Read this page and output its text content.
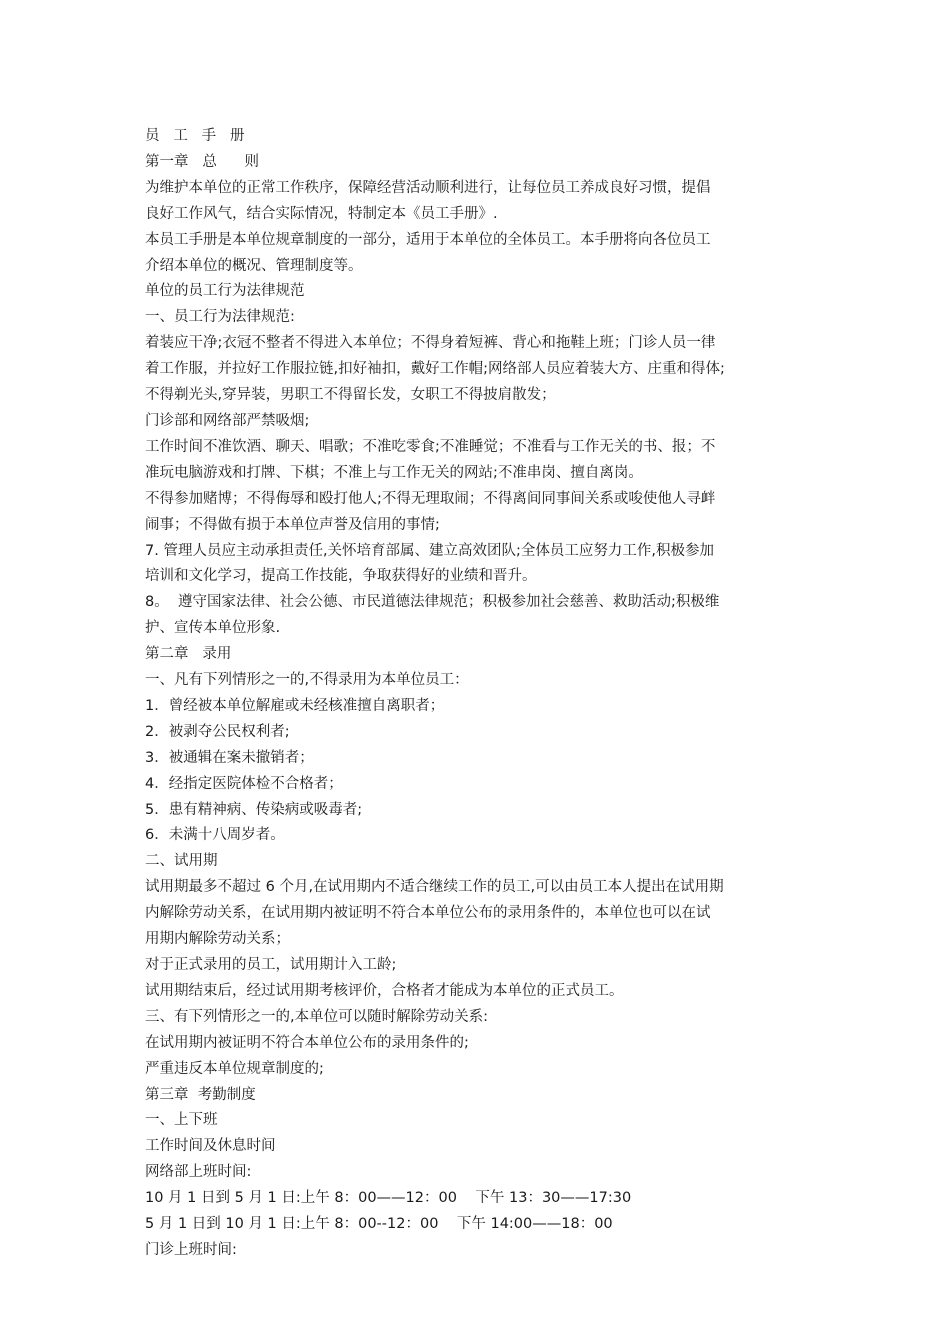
员   工   手   册
第一章   总      则
为维护本单位的正常工作秩序，保障经营活动顺利进行，让每位员工养成良好习惯，提倡
良好工作风气，结合实际情况，特制定本《员工手册》.
本员工手册是本单位规章制度的一部分，适用于本单位的全体员工。本手册将向各位员工
介绍本单位的概况、管理制度等。
单位的员工行为法律规范
一、员工行为法律规范:
着装应干净;衣冠不整者不得进入本单位；不得身着短裤、背心和拖鞋上班；门诊人员一律
着工作服，并拉好工作服拉链,扣好袖扣，戴好工作帽;网络部人员应着装大方、庄重和得体;
不得剃光头,穿异装，男职工不得留长发，女职工不得披肩散发；
门诊部和网络部严禁吸烟;
工作时间不准饮酒、聊天、唱歌；不准吃零食;不准睡觉；不准看与工作无关的书、报；不
准玩电脑游戏和打牌、下棋；不准上与工作无关的网站;不准串岗、擅自离岗。
不得参加赌博；不得侮辱和殴打他人;不得无理取闹；不得离间同事间关系或唆使他人寻衅
闹事；不得做有损于本单位声誉及信用的事情;
7. 管理人员应主动承担责任,关怀培育部属、建立高效团队;全体员工应努力工作,积极参加
培训和文化学习，提高工作技能，争取获得好的业绩和晋升。
8。  遵守国家法律、社会公德、市民道德法律规范；积极参加社会慈善、救助活动;积极维
护、宣传本单位形象.
第二章   录用
一、凡有下列情形之一的,不得录用为本单位员工：
1．曾经被本单位解雇或未经核准擅自离职者；
2．被剥夺公民权利者;
3．被通辑在案未撤销者；
4．经指定医院体检不合格者；
5．患有精神病、传染病或吸毒者;
6．未满十八周岁者。
二、试用期
试用期最多不超过 6 个月,在试用期内不适合继续工作的员工,可以由员工本人提出在试用期
内解除劳动关系，在试用期内被证明不符合本单位公布的录用条件的，本单位也可以在试
用期内解除劳动关系；
对于正式录用的员工，试用期计入工龄;
试用期结束后，经过试用期考核评价，合格者才能成为本单位的正式员工。
三、有下列情形之一的,本单位可以随时解除劳动关系:
在试用期内被证明不符合本单位公布的录用条件的;
严重违反本单位规章制度的;
第三章  考勤制度
一、上下班
工作时间及休息时间
网络部上班时间:
10 月 1 日到 5 月 1 日:上午 8：00——12：00    下午 13：30——17:30
5 月 1 日到 10 月 1 日:上午 8：00--12：00    下午 14:00——18：00
门诊上班时间:
